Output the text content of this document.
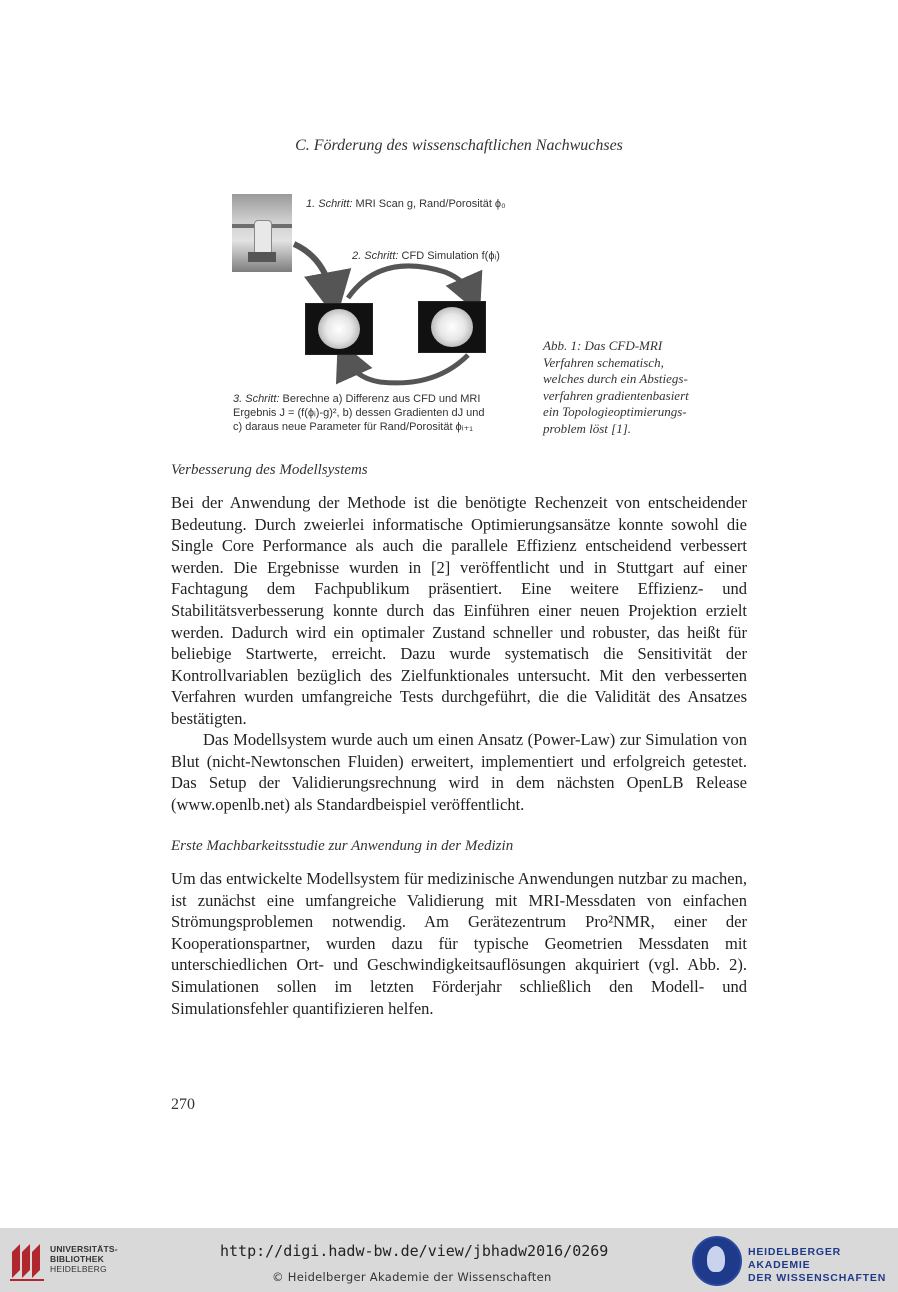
C. Förderung des wissenschaftlichen Nachwuchses
1. Schritt: MRI Scan g, Rand/Porosität ϕ₀
2. Schritt: CFD Simulation f(ϕᵢ)
3. Schritt: Berechne a) Differenz aus CFD und MRI
Ergebnis J = (f(ϕᵢ)-g)², b) dessen Gradienten dJ und
c) daraus neue Parameter für Rand/Porosität ϕᵢ₊₁
Abb. 1: Das CFD-MRI Verfahren schematisch, welches durch ein Abstiegs-verfahren gradientenbasiert ein Topologieoptimierungs-problem löst [1].
Verbesserung des Modellsystems

Bei der Anwendung der Methode ist die benötigte Rechenzeit von entscheidender Bedeutung. Durch zweierlei informatische Optimierungsansätze konnte sowohl die Single Core Performance als auch die parallele Effizienz entscheidend verbessert werden. Die Ergebnisse wurden in [2] veröffentlicht und in Stuttgart auf einer Fachtagung dem Fachpublikum präsentiert. Eine weitere Effizienz- und Stabilitätsverbesserung konnte durch das Einführen einer neuen Projektion erzielt werden. Dadurch wird ein optimaler Zustand schneller und robuster, das heißt für beliebige Startwerte, erreicht. Dazu wurde systematisch die Sensitivität der Kontrollvariablen bezüglich des Zielfunktionales untersucht. Mit den verbesserten Verfahren wurden umfangreiche Tests durchgeführt, die die Validität des Ansatzes bestätigten.

Das Modellsystem wurde auch um einen Ansatz (Power-Law) zur Simulation von Blut (nicht-Newtonschen Fluiden) erweitert, implementiert und erfolgreich getestet. Das Setup der Validierungsrechnung wird in dem nächsten OpenLB Release (www.openlb.net) als Standardbeispiel veröffentlicht.

Erste Machbarkeitsstudie zur Anwendung in der Medizin

Um das entwickelte Modellsystem für medizinische Anwendungen nutzbar zu machen, ist zunächst eine umfangreiche Validierung mit MRI-Messdaten von einfachen Strömungsproblemen notwendig. Am Gerätezentrum Pro²NMR, einer der Kooperationspartner, wurden dazu für typische Geometrien Messdaten mit unterschiedlichen Ort- und Geschwindigkeitsauflösungen akquiriert (vgl. Abb. 2). Simulationen sollen im letzten Förderjahr schließlich den Modell- und Simulationsfehler quantifizieren helfen.

270
UNIVERSITÄTS-
BIBLIOTHEK
HEIDELBERG
http://digi.hadw-bw.de/view/jbhadw2016/0269
© Heidelberger Akademie der Wissenschaften
HEIDELBERGER AKADEMIE
DER WISSENSCHAFTEN
